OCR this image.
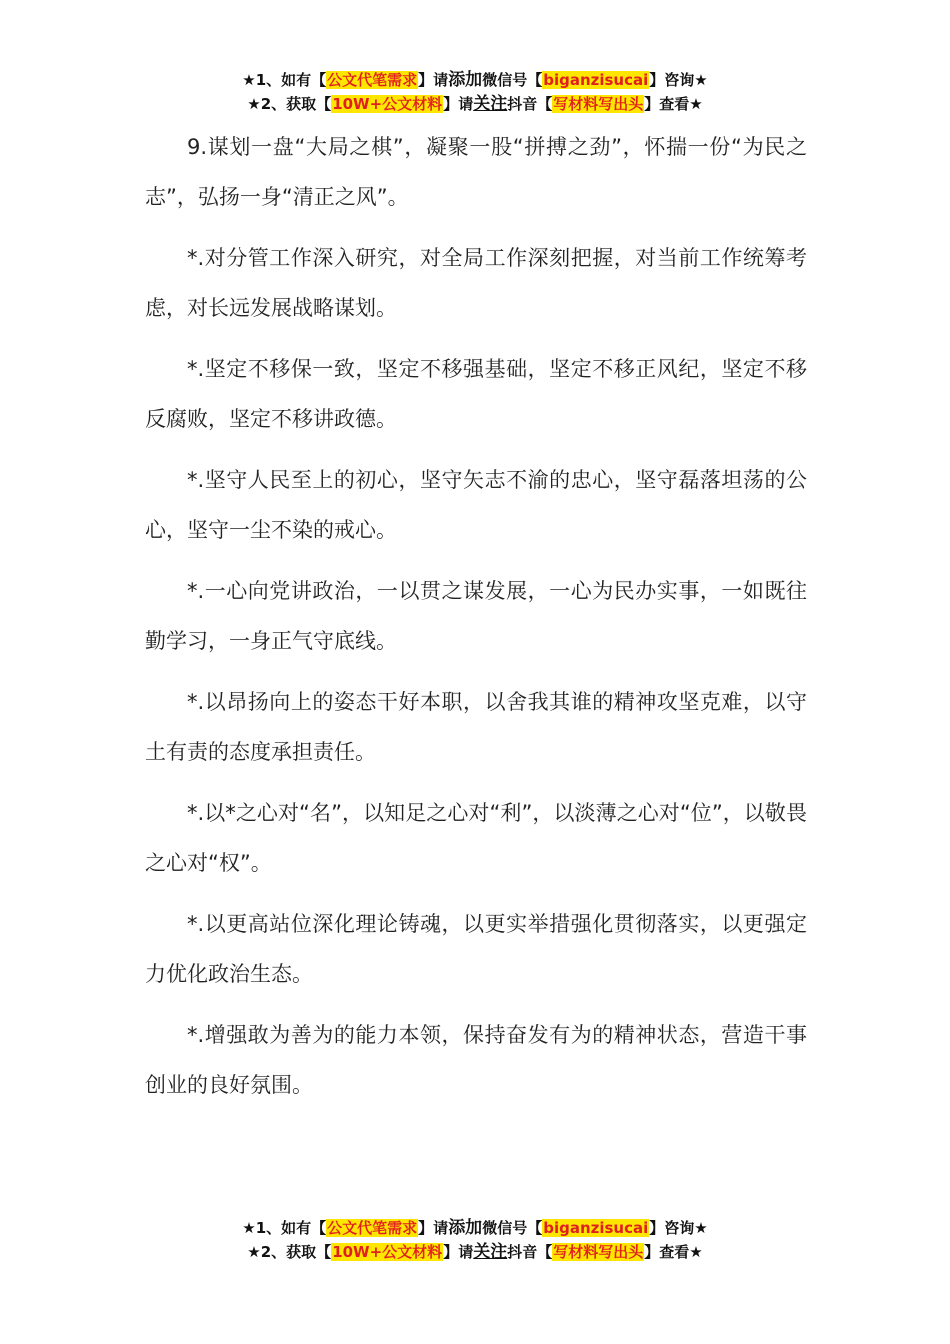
★1、如有【公文代笔需求】请添加微信号【biganzisucai】咨询★
★2、获取【10W+公文材料】请关注抖音【写材料写出头】查看★

9.谋划一盘“大局之棋”，凝聚一股“拼搏之劲”，怀揣一份“为民之志”，弘扬一身“清正之风”。

*.对分管工作深入研究，对全局工作深刻把握，对当前工作统筹考虑，对长远发展战略谋划。

*.坚定不移保一致，坚定不移强基础，坚定不移正风纪，坚定不移反腐败，坚定不移讲政德。

*.坚守人民至上的初心，坚守矢志不渝的忠心，坚守磊落坦荡的公心，坚守一尘不染的戒心。

*.一心向党讲政治，一以贯之谋发展，一心为民办实事，一如既往勤学习，一身正气守底线。

*.以昂扬向上的姿态干好本职，以舍我其谁的精神攻坚克难，以守土有责的态度承担责任。

*.以*之心对“名”，以知足之心对“利”，以淡薄之心对“位”，以敬畏之心对“权”。

*.以更高站位深化理论铸魂，以更实举措强化贯彻落实，以更强定力优化政治生态。

*.增强敢为善为的能力本领，保持奋发有为的精神状态，营造干事创业的良好氛围。

★1、如有【公文代笔需求】请添加微信号【biganzisucai】咨询★
★2、获取【10W+公文材料】请关注抖音【写材料写出头】查看★
